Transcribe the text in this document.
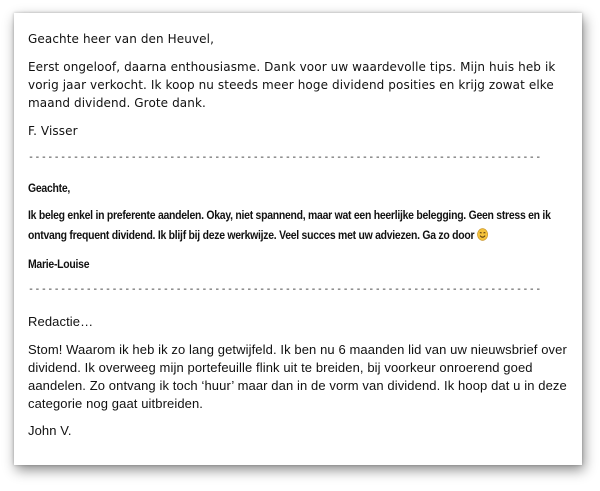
Geachte heer van den Heuvel,
Eerst ongeloof, daarna enthousiasme. Dank voor uw waardevolle tips. Mijn huis heb ik vorig jaar verkocht. Ik koop nu steeds meer hoge dividend posities en krijg zowat elke maand dividend. Grote dank.
F. Visser
--------------------------------------------------------------------------------
Geachte,
Ik beleg enkel in preferente aandelen. Okay, niet spannend, maar wat een heerlijke belegging. Geen stress en ik ontvang frequent dividend. Ik blijf bij deze werkwijze. Veel succes met uw adviezen. Ga zo door
Marie-Louise
--------------------------------------------------------------------------------
Redactie…
Stom! Waarom ik heb ik zo lang getwijfeld. Ik ben nu 6 maanden lid van uw nieuwsbrief over dividend. Ik overweeg mijn portefeuille flink uit te breiden, bij voorkeur onroerend goed aandelen. Zo ontvang ik toch ‘huur’ maar dan in de vorm van dividend. Ik hoop dat u in deze categorie nog gaat uitbreiden.
John V.
